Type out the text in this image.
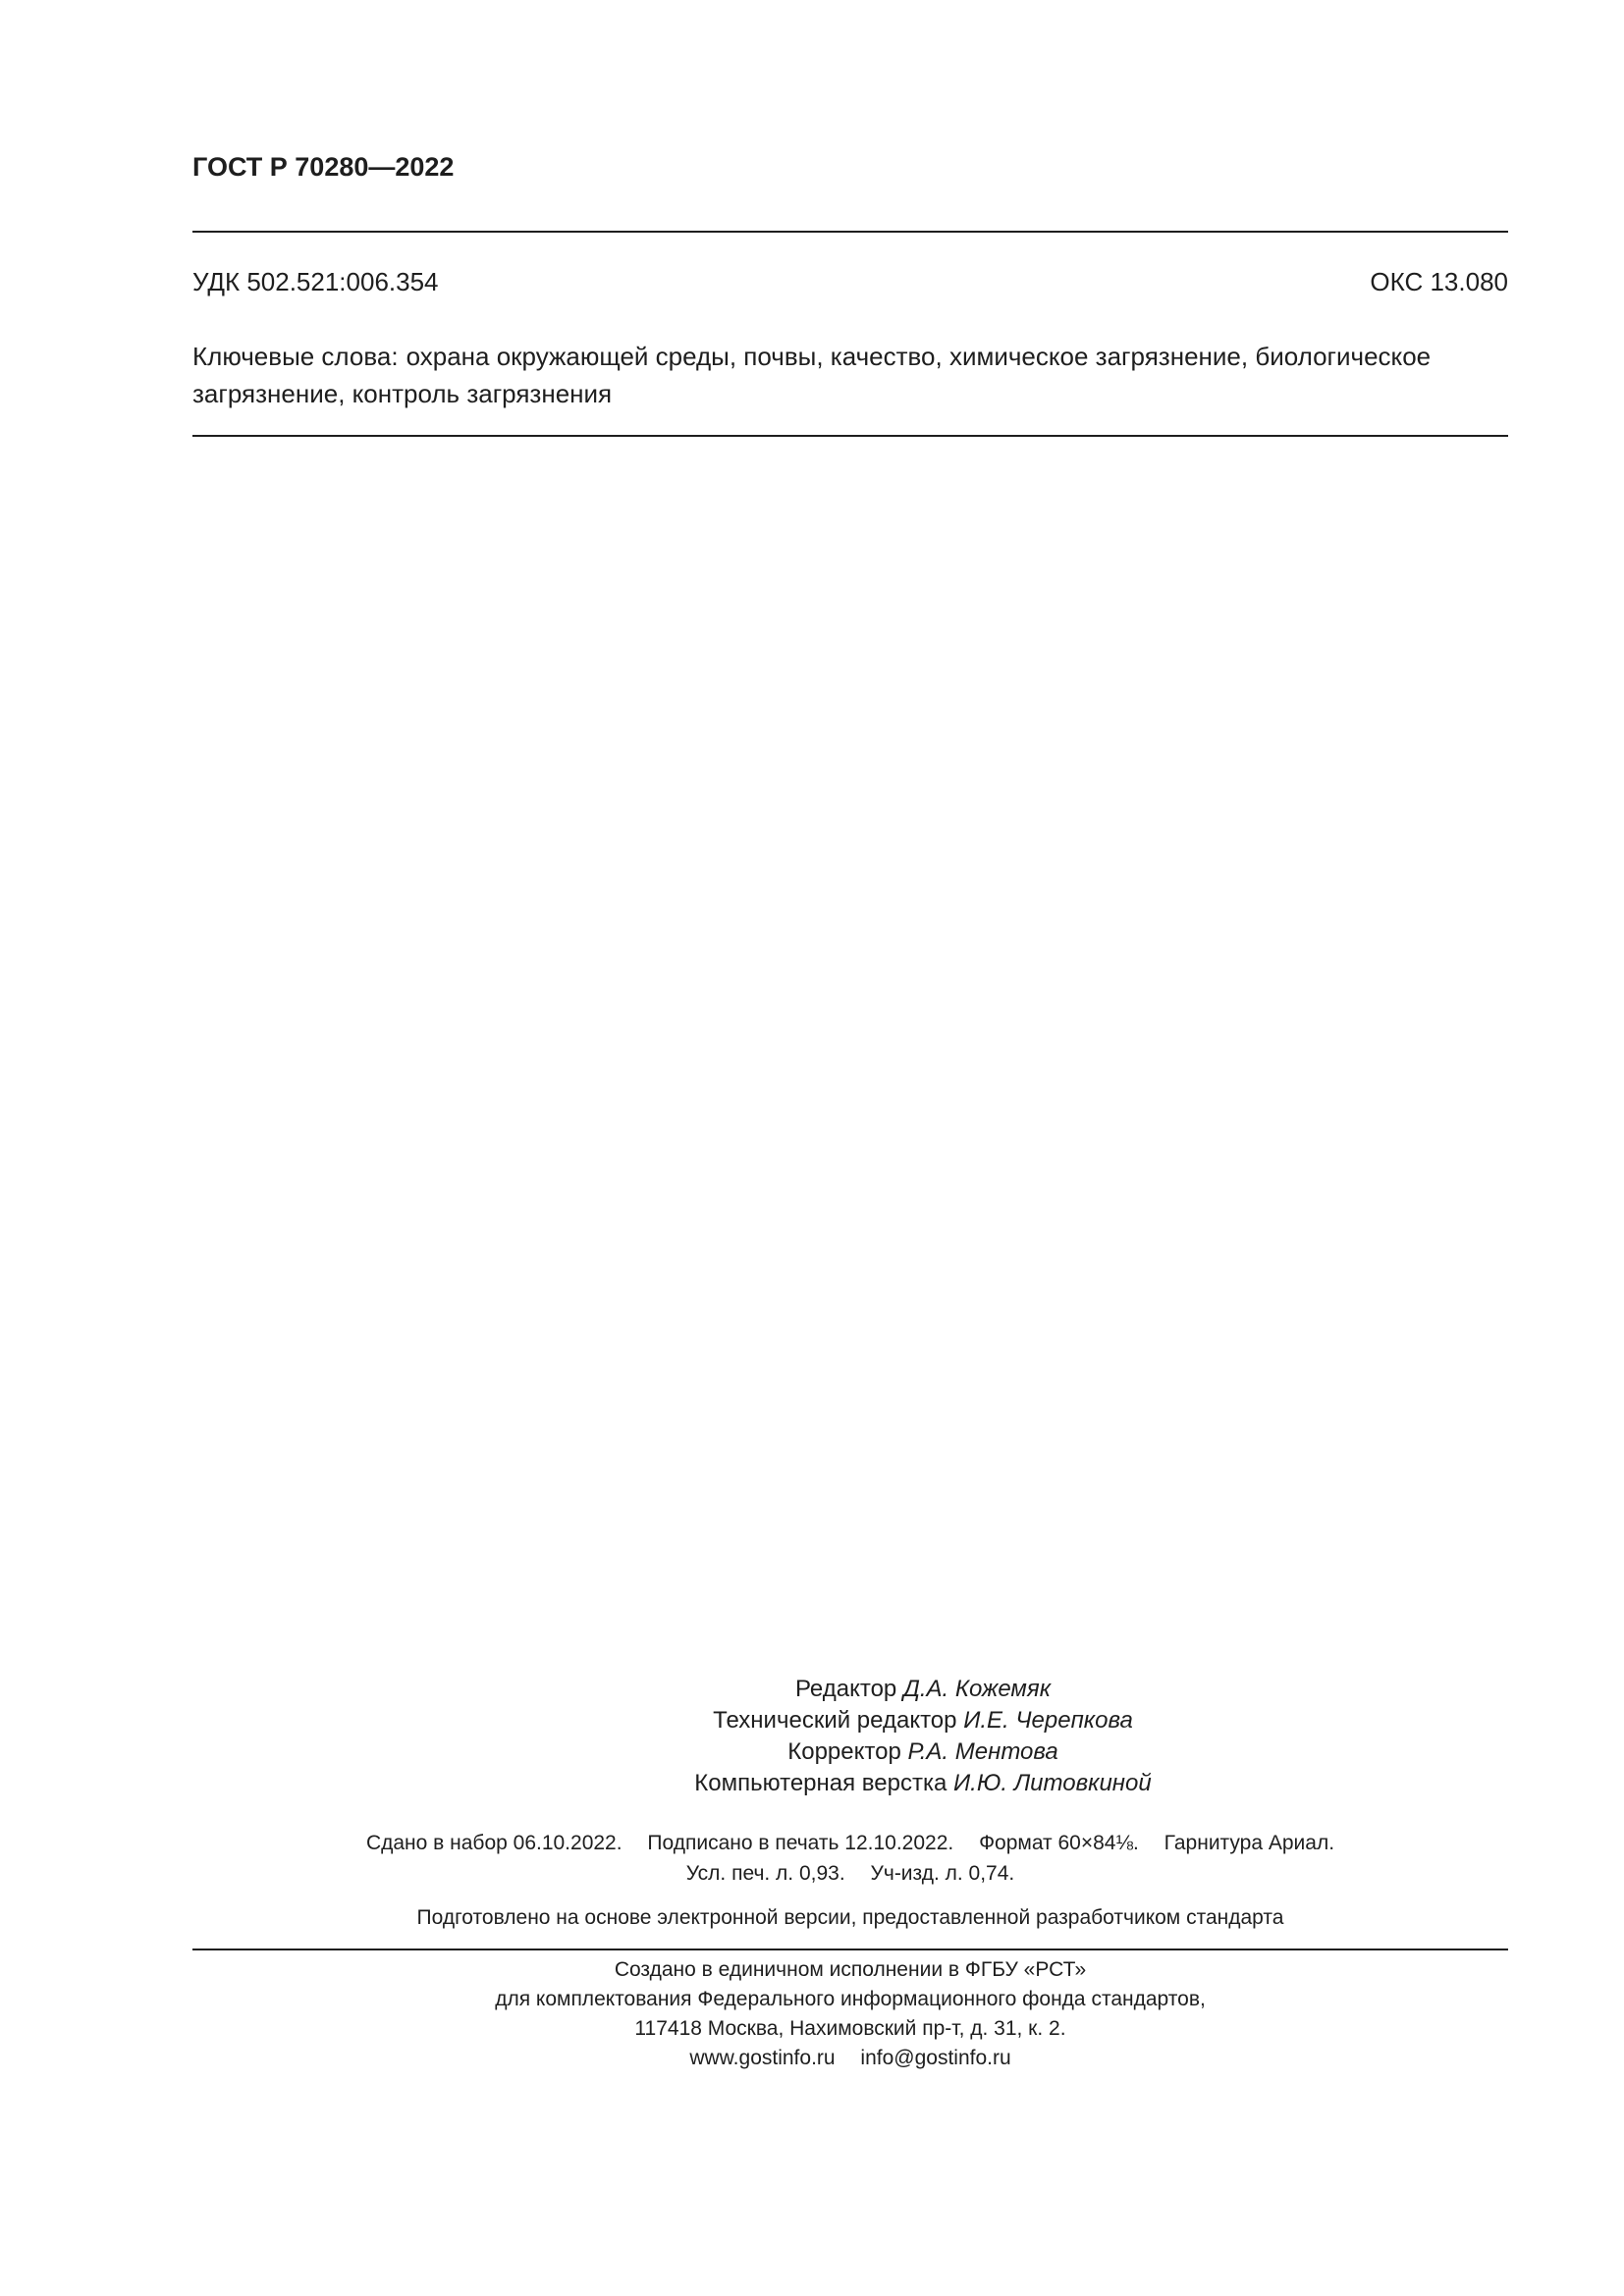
ГОСТ Р 70280—2022
УДК 502.521:006.354	ОКС 13.080
Ключевые слова: охрана окружающей среды, почвы, качество, химическое загрязнение, биологическое загрязнение, контроль загрязнения
Редактор Д.А. Кожемяк
Технический редактор И.Е. Черепкова
Корректор Р.А. Ментова
Компьютерная верстка И.Ю. Литовкиной
Сдано в набор 06.10.2022. Подписано в печать 12.10.2022. Формат 60×84⅛. Гарнитура Ариал.
Усл. печ. л. 0,93. Уч-изд. л. 0,74.
Подготовлено на основе электронной версии, предоставленной разработчиком стандарта
Создано в единичном исполнении в ФГБУ «РСТ»
для комплектования Федерального информационного фонда стандартов,
117418 Москва, Нахимовский пр-т, д. 31, к. 2.
www.gostinfo.ru info@gostinfo.ru
